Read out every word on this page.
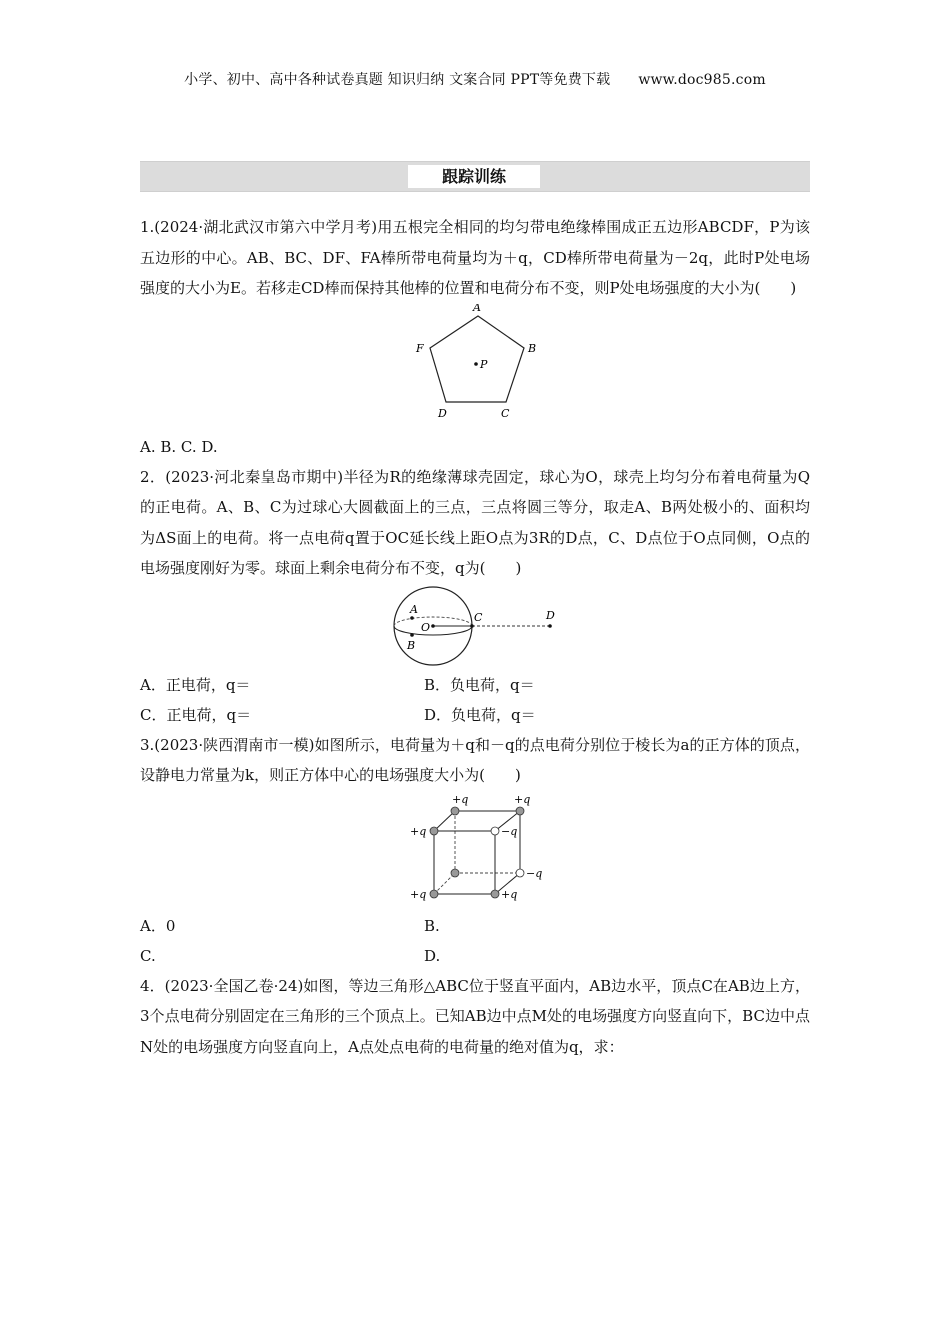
小学、初中、高中各种试卷真题 知识归纳 文案合同 PPT等免费下载 www.doc985.com
跟踪训练

1.(2024·湖北武汉市第六中学月考)用五根完全相同的均匀带电绝缘棒围成正五边形ABCDF，P为该五边形的中心。AB、BC、DF、FA棒所带电荷量均为＋q，CD棒所带电荷量为－2q，此时P处电场强度的大小为E。若移走CD棒而保持其他棒的位置和电荷分布不变，则P处电场强度的大小为(　　)

A
B
C
D
F
P
A. B. C. D.

2．(2023·河北秦皇岛市期中)半径为R的绝缘薄球壳固定，球心为O，球壳上均匀分布着电荷量为Q的正电荷。A、B、C为过球心大圆截面上的三点，三点将圆三等分，取走A、B两处极小的、面积均为ΔS面上的电荷。将一点电荷q置于OC延长线上距O点为3R的D点，C、D点位于O点同侧，O点的电场强度刚好为零。球面上剩余电荷分布不变，q为(　　)

A
B
O
C	D
A．正电荷，q＝	B．负电荷，q＝
C．正电荷，q＝	D．负电荷，q＝

3.(2023·陕西渭南市一模)如图所示，电荷量为＋q和－q的点电荷分别位于棱长为a的正方体的顶点，设静电力常量为k，则正方体中心的电场强度大小为(　　)

+q	+q
+q	−q
−q
+q	+q
A．0	B.
C.	D.

4．(2023·全国乙卷·24)如图，等边三角形△ABC位于竖直平面内，AB边水平，顶点C在AB边上方，3个点电荷分别固定在三角形的三个顶点上。已知AB边中点M处的电场强度方向竖直向下，BC边中点N处的电场强度方向竖直向上，A点处点电荷的电荷量的绝对值为q，求：
